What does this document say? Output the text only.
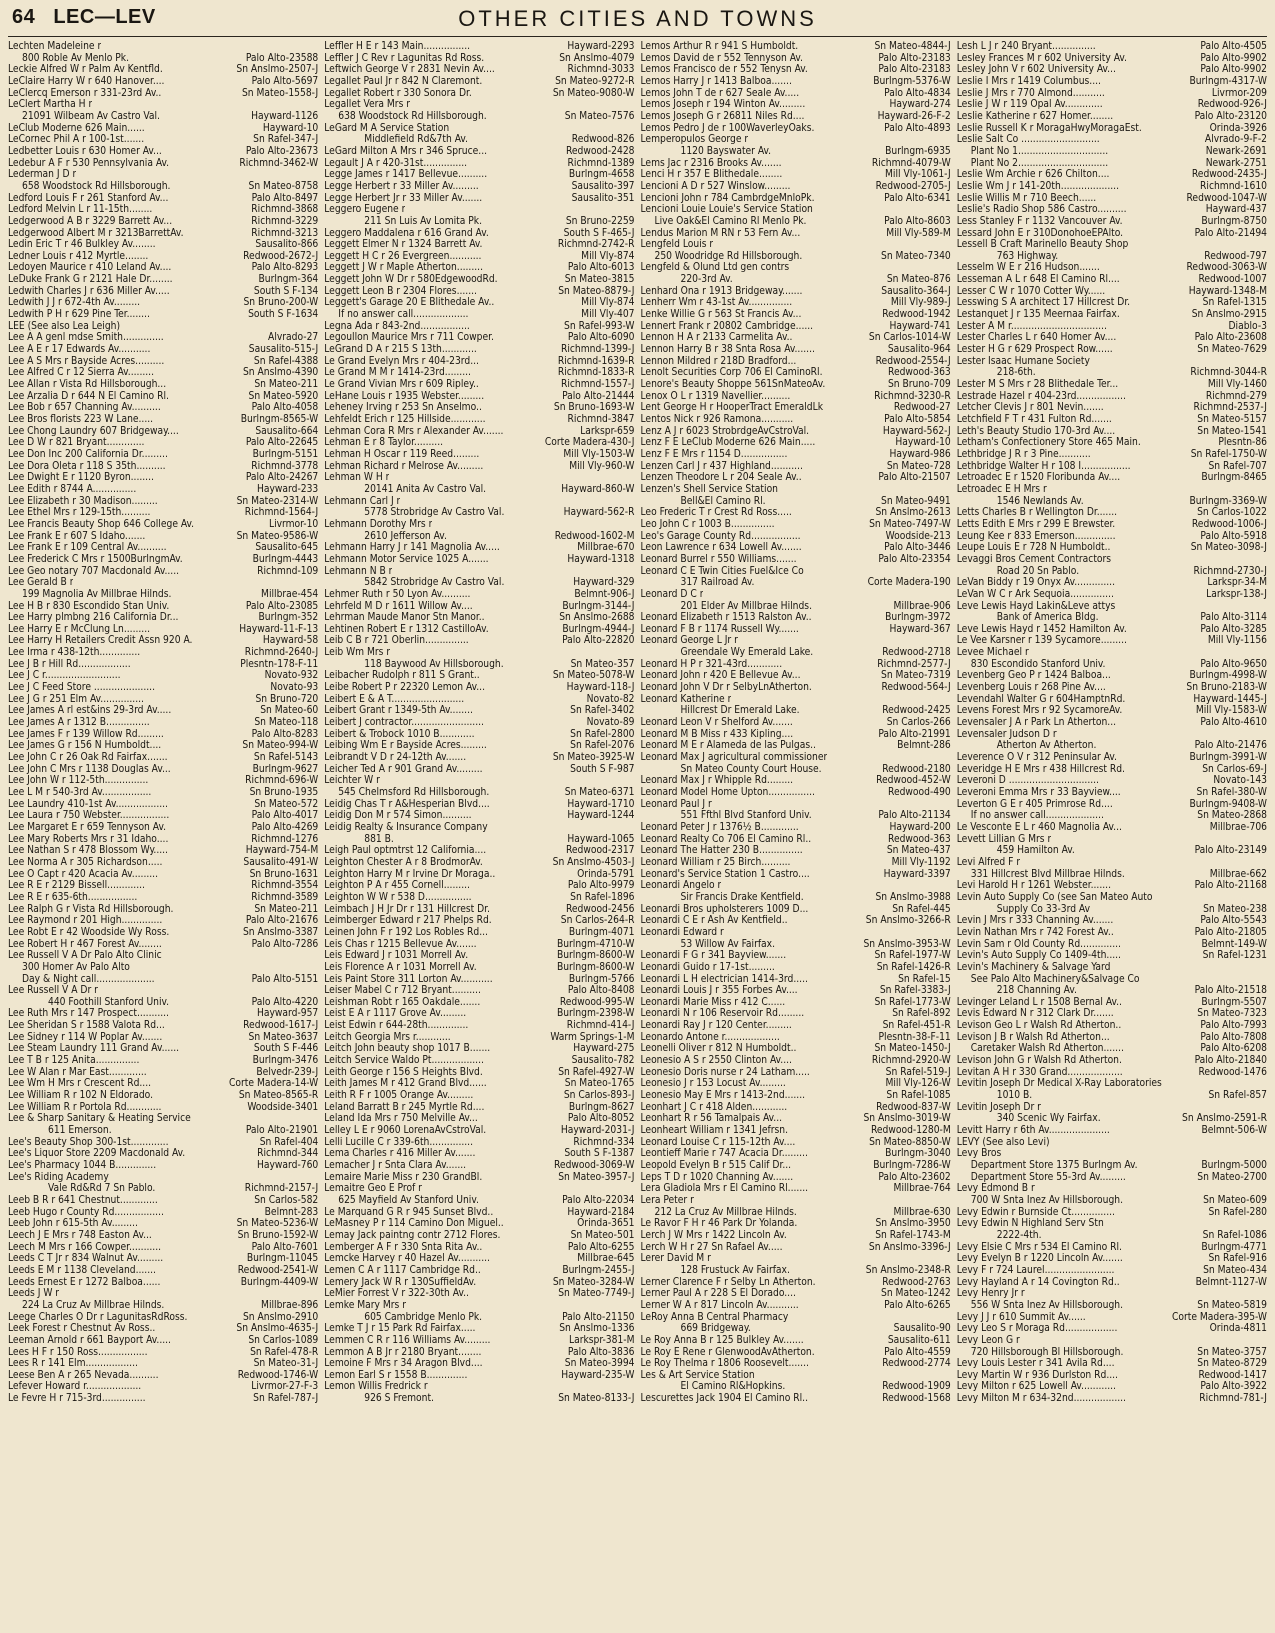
64 LEC—LEV	OTHER CITIES AND TOWNS
Lechten Madeleine r
800 Roble Av Menlo Pk.	Palo Alto-23588
Leckie Alfred W r Palm Av Kentfld.	Sn Anslmo-2507-J
LeClaire Harry W r 640 Hanover....	Palo Alto-5697
LeClercq Emerson r 331-23rd Av..	Sn Mateo-1558-J
LeClert Martha H r
21091 Wilbeam Av Castro Val.	Hayward-1126
LeClub Moderne 626 Main......	Hayward-10
LeCornec Phil A r 100-1st.......	Sn Rafel-347-J
Ledbetter Louis r 630 Homer Av...	Palo Alto-23673
Ledebur A F r 530 Pennsylvania Av.	Richmnd-3462-W
Lederman J D r
658 Woodstock Rd Hillsborough.	Sn Mateo-8758
Ledford Louis F r 261 Stanford Av...	Palo Alto-8497
Ledford Melvin L r 11-15th........	Richmnd-3868
Ledgerwood A B r 3229 Barrett Av...	Richmnd-3229
Ledgerwood Albert M r 3213BarrettAv.	Richmnd-3213
Ledin Eric T r 46 Bulkley Av........	Sausalito-866
Ledner Louis r 412 Myrtle........	Redwood-2672-J
Ledoyen Maurice r 410 Leland Av....	Palo Alto-8293
LeDuke Frank G r 2121 Hale Dr........	Burlngm-364
Ledwith Charles J r 636 Miller Av.....	South S F-134
Ledwith J J r 672-4th Av.........	Sn Bruno-200-W
Ledwith P H r 629 Pine Ter........	South S F-1634
LEE (See also Lea Leigh)
Lee A A genl mdse Smith..............	Alvrado-27
Lee A E r 17 Edwards Av...........	Sausalito-515-J
Lee A S Mrs r Bayside Acres..........	Sn Rafel-4388
Lee Alfred C r 12 Sierra Av.........	Sn Anslmo-4390
Lee Allan r Vista Rd Hillsborough...	Sn Mateo-211
Lee Arzalia D r 644 N El Camino Rl.	Sn Mateo-5920
Lee Bob r 657 Channing Av..........	Palo Alto-4058
Lee Bros florists 223 W Lane.....	Burlngm-8565-W
Lee Chong Laundry 607 Bridgeway....	Sausalito-664
Lee D W r 821 Bryant.............	Palo Alto-22645
Lee Don Inc 200 California Dr.........	Burlngm-5151
Lee Dora Oleta r 118 S 35th..........	Richmnd-3778
Lee Dwight E r 1120 Byron........	Palo Alto-24267
Lee Edith r 8744 A...............	Hayward-233
Lee Elizabeth r 30 Madison.........	Sn Mateo-2314-W
Lee Ethel Mrs r 129-15th..........	Richmnd-1564-J
Lee Francis Beauty Shop 646 College Av.	Livrmor-10
Lee Frank E r 607 S Idaho.......	Sn Mateo-9586-W
Lee Frank E r 109 Central Av..........	Sausalito-645
Lee Frederick C Mrs r 1500BurlngmAv.	Burlngm-4443
Lee Geo notary 707 Macdonald Av.....	Richmnd-109
Lee Gerald B r
199 Magnolia Av Millbrae Hilnds.	Millbrae-454
Lee H B r 830 Escondido Stan Univ.	Palo Alto-23085
Lee Harry plmbng 216 California Dr...	Burlngm-352
Lee Harry E r McClung Ln.........	Hayward-11-F-13
Lee Harry H Retailers Credit Assn 920 A.	Hayward-58
Lee Irma r 438-12th..............	Richmnd-2640-J
Lee J B r Hill Rd..................	Plesntn-178-F-11
Lee J C r..........................	Novato-932
Lee J C Feed Store .....................	Novato-93
Lee J G r 251 Elm Av...............	Sn Bruno-720
Lee James A rl est&ins 29-3rd Av.....	Sn Mateo-60
Lee James A r 1312 B...............	Sn Mateo-118
Lee James F r 139 Willow Rd.........	Palo Alto-8283
Lee James G r 156 N Humboldt....	Sn Mateo-994-W
Lee John C r 26 Oak Rd Fairfax.......	Sn Rafel-5143
Lee John C Mrs r 1138 Douglas Av...	Burlngm-9627
Lee John W r 112-5th...............	Richmnd-696-W
Lee L M r 540-3rd Av.................	Sn Bruno-1935
Lee Laundry 410-1st Av..................	Sn Mateo-572
Lee Laura r 750 Webster.................	Palo Alto-4017
Lee Margaret E r 659 Tennyson Av.	Palo Alto-4269
Lee Mary Roberts Mrs r 31 Idaho....	Richmnd-1276
Lee Nathan S r 478 Blossom Wy.....	Hayward-754-M
Lee Norma A r 305 Richardson.....	Sausalito-491-W
Lee O Capt r 420 Acacia Av.........	Sn Bruno-1631
Lee R E r 2129 Bissell.............	Richmnd-3554
Lee R E r 635-6th.................	Richmnd-3589
Lee Ralph G r Vista Rd Hillsborough.	Sn Mateo-211
Lee Raymond r 201 High..............	Palo Alto-21676
Lee Robt E r 42 Woodside Wy Ross.	Sn Anslmo-3387
Lee Robert H r 467 Forest Av........	Palo Alto-7286
Lee Russell V A Dr Palo Alto Clinic
300 Homer Av Palo Alto
Day & Night call....................	Palo Alto-5151
Lee Russell V A Dr r
440 Foothill Stanford Univ.	Palo Alto-4220
Lee Ruth Mrs r 147 Prospect...........	Hayward-957
Lee Sheridan S r 1588 Valota Rd...	Redwood-1617-J
Lee Sidney r 114 W Poplar Av.......	Sn Mateo-3637
Lee Steam Laundry 111 Grand Av......	South S F-446
Lee T B r 125 Anita...............	Burlngm-3476
Lee W Alan r Mar East.............	Belvedr-239-J
Lee Wm H Mrs r Crescent Rd....	Corte Madera-14-W
Lee William R r 102 N Eldorado.	Sn Mateo-8565-R
Lee William R r Portola Rd............	Woodside-3401
Lee & Sharp Sanitary & Heating Service
611 Emerson.	Palo Alto-21901
Lee's Beauty Shop 300-1st.............	Sn Rafel-404
Lee's Liquor Store 2209 Macdonald Av.	Richmnd-344
Lee's Pharmacy 1044 B..............	Hayward-760
Lee's Riding Academy
Vale Rd&Rd 7 Sn Pablo.	Richmnd-2157-J
Leeb B R r 641 Chestnut.............	Sn Carlos-582
Leeb Hugo r County Rd.................	Belmnt-283
Leeb John r 615-5th Av.........	Sn Mateo-5236-W
Leech J E Mrs r 748 Easton Av...	Sn Bruno-1592-W
Leech M Mrs r 166 Cowper...........	Palo Alto-7601
Leeds C T Jr r 834 Walnut Av.........	Burlngm-11045
Leeds E M r 1138 Cleveland.......	Redwood-2541-W
Leeds Ernest E r 1272 Balboa......	Burlngm-4409-W
Leeds J W r
224 La Cruz Av Millbrae Hilnds.	Millbrae-896
Leege Charles O Dr r LagunitasRdRoss.	Sn Anslmo-2910
Leek Forest r Chestnut Av Ross..	Sn Anslmo-4635-J
Leeman Arnold r 661 Bayport Av.....	Sn Carlos-1089
Lees H F r 150 Ross.................	Sn Rafel-478-R
Lees R r 141 Elm..................	Sn Mateo-31-J
Leese Ben A r 265 Nevada..........	Redwood-1746-W
Lefever Howard r...................	Livrmor-27-F-3
Le Fevre H r 715-3rd...............	Sn Rafel-787-J
Leffler H E r 143 Main................	Hayward-2293
Leffler J C Rev r Lagunitas Rd Ross.	Sn Anslmo-4079
Leftwich George V r 2831 Nevin Av....	Richmnd-3033
Legallet Paul Jr r 842 N Claremont.	Sn Mateo-9272-R
Legallet Robert r 330 Sonora Dr.	Sn Mateo-9080-W
Legallet Vera Mrs r
638 Woodstock Rd Hillsborough.	Sn Mateo-7576
LeGard M A Service Station
Middlefield Rd&7th Av.	Redwood-826
LeGard Milton A Mrs r 346 Spruce...	Redwood-2428
Legault J A r 420-31st...............	Richmnd-1389
Legge James r 1417 Bellevue..........	Burlngm-4658
Legge Herbert r 33 Miller Av.........	Sausalito-397
Legge Herbert Jr r 33 Miller Av.......	Sausalito-351
Leggero Eugene r
211 Sn Luis Av Lomita Pk.	Sn Bruno-2259
Leggero Maddalena r 616 Grand Av.	South S F-465-J
Leggett Elmer N r 1324 Barrett Av.	Richmnd-2742-R
Leggett H C r 26 Evergreen...........	Mill Vly-874
Leggett J W r Maple Atherton.........	Palo Alto-6013
Leggett John W Dr r 580EdgewoodRd.	Sn Mateo-3815
Leggett Leon B r 2304 Flores.......	Sn Mateo-8879-J
Leggett's Garage 20 E Blithedale Av..	Mill Vly-874
If no answer call...................	Mill Vly-407
Legna Ada r 843-2nd.................	Sn Rafel-993-W
Legoullon Maurice Mrs r 711 Cowper.	Palo Alto-6090
LeGrand D A r 215 S 13th............	Richmnd-1399-J
Le Grand Evelyn Mrs r 404-23rd...	Richmnd-1639-R
Le Grand M M r 1414-23rd.........	Richmnd-1833-R
Le Grand Vivian Mrs r 609 Ripley..	Richmnd-1557-J
LeHane Louis r 1935 Webster.........	Palo Alto-21444
Leheney Irving r 253 Sn Anselmo..	Sn Bruno-1693-W
Lehfeldt Erich r 125 Hillside............	Richmnd-3847
Lehman Cora R Mrs r Alexander Av.......	Larkspr-659
Lehman E r 8 Taylor..........	Corte Madera-430-J
Lehman H Oscar r 119 Reed.........	Mill Vly-1503-W
Lehman Richard r Melrose Av.........	Mill Vly-960-W
Lehman W H r
20141 Anita Av Castro Val.	Hayward-860-W
Lehmann Carl J r
5778 Strobridge Av Castro Val.	Hayward-562-R
Lehmann Dorothy Mrs r
2610 Jefferson Av.	Redwood-1602-M
Lehmann Harry J r 141 Magnolia Av.....	Millbrae-670
Lehmann Motor Service 1025 A.......	Hayward-1318
Lehmann N B r
5842 Strobridge Av Castro Val.	Hayward-329
Lehmer Ruth r 50 Lyon Av..........	Belmnt-906-J
Lehrfeld M D r 1611 Willow Av....	Burlngm-3144-J
Lehrman Maude Manor Stn Manor..	Sn Anslmo-2688
Lehtinen Robert E r 1312 CastilloAv.	Burlngm-4944-J
Leib C B r 721 Oberlin...............	Palo Alto-22820
Leib Wm Mrs r
118 Baywood Av Hillsborough.	Sn Mateo-357
Leibacher Rudolph r 811 S Grant..	Sn Mateo-5078-W
Leibe Robert P r 22320 Lemon Av...	Hayward-118-J
Leibert E & A T.........................	Novato-82
Leibert Grant r 1349-5th Av........	Sn Rafel-3402
Leibert J contractor.........................	Novato-89
Leibert & Trobock 1010 B............	Sn Rafel-2800
Leibing Wm E r Bayside Acres.........	Sn Rafel-2076
Leibrandt V D r 24-12th Av.......	Sn Mateo-3925-W
Leicher Ted A r 901 Grand Av.........	South S F-987
Leichter W r
545 Chelmsford Rd Hillsborough.	Sn Mateo-6371
Leidig Chas T r A&Hesperian Blvd....	Hayward-1710
Leidig Don M r 574 Simon..........	Hayward-1244
Leidig Realty & Insurance Company
881 B.	Hayward-1065
Leigh Paul optmtrst 12 California....	Redwood-2317
Leighton Chester A r 8 BrodmorAv.	Sn Anslmo-4503-J
Leighton Harry M r Irvine Dr Moraga..	Orinda-5791
Leighton P A r 455 Cornell.........	Palo Alto-9979
Leighton W W r 538 D................	Sn Rafel-1896
Leimbach J H Jr Dr r 131 Hillcrest Dr.	Redwood-2456
Leimberger Edward r 217 Phelps Rd.	Sn Carlos-264-R
Leinen John F r 192 Los Robles Rd...	Burlngm-4071
Leis Chas r 1215 Bellevue Av.......	Burlngm-4710-W
Leis Edward J r 1031 Morrell Av.	Burlngm-8600-W
Leis Florence A r 1031 Morrell Av.	Burlngm-8600-W
Leis Paint Store 311 Lorton Av...........	Burlngm-5766
Leiser Mabel C r 712 Bryant..........	Palo Alto-8408
Leishman Robt r 165 Oakdale.......	Redwood-995-W
Leist E A r 1117 Grove Av.........	Burlngm-2398-W
Leist Edwin r 644-28th..............	Richmnd-414-J
Leitch Georgia Mrs r............	Warm Springs-1-M
Leitch John beauty shop 1017 B.......	Hayward-275
Leitch Service Waldo Pt..................	Sausalito-782
Leith George r 156 S Heights Blvd.	Sn Rafel-4927-W
Leith James M r 412 Grand Blvd......	Sn Mateo-1765
Leith R F r 1005 Orange Av.........	Sn Carlos-893-J
Leland Barratt B r 245 Myrtle Rd....	Burlngm-8627
Leland Ida Mrs r 750 Melville Av...	Palo Alto-8052
Lelley L E r 9060 LorenaAvCstroVal.	Hayward-2031-J
Lelli Lucille C r 339-6th...............	Richmnd-334
Lema Charles r 416 Miller Av.......	South S F-1387
Lemacher J r Snta Clara Av.......	Redwood-3069-W
Lemaire Marie Miss r 230 GrandBl.	Sn Mateo-3957-J
Lemaitre Geo E Prof r
625 Mayfield Av Stanford Univ.	Palo Alto-22034
Le Marquand G R r 945 Sunset Blvd..	Hayward-2184
LeMasney P r 114 Camino Don Miguel..	Orinda-3651
Lemay Jack paintng contr 2712 Flores.	Sn Mateo-501
Lemberger A F r 330 Snta Rita Av..	Palo Alto-6255
Lemcke Harvey r 40 Hazel Av...........	Millbrae-645
Lemen C A r 1117 Cambridge Rd..	Burlngm-2455-J
Lemery Jack W R r 130SuffieldAv.	Sn Mateo-3284-W
LeMier Forrest V r 322-30th Av..	Sn Mateo-7749-J
Lemke Mary Mrs r
605 Cambridge Menlo Pk.	Palo Alto-21150
Lemke T J r 15 Park Rd Fairfax.....	Sn Anslmo-1336
Lemmen C R r 116 Williams Av.........	Larkspr-381-M
Lemmon A B Jr r 2180 Bryant........	Palo Alto-3836
Lemoine F Mrs r 34 Aragon Blvd....	Sn Mateo-3994
Lemon Earl S r 1558 B..............	Hayward-235-W
Lemon Willis Fredrick r
926 S Fremont.	Sn Mateo-8133-J
Lemos Arthur R r 941 S Humboldt.	Sn Mateo-4844-J
Lemos David de r 552 Tennyson Av.	Palo Alto-23183
Lemos Francisco de r 552 Tenysn Av.	Palo Alto-23183
Lemos Harry J r 1413 Balboa.......	Burlngm-5376-W
Lemos John T de r 627 Seale Av.....	Palo Alto-4834
Lemos Joseph r 194 Winton Av.........	Hayward-274
Lemos Joseph G r 26811 Niles Rd....	Hayward-26-F-2
Lemos Pedro J de r 100WaverleyOaks.	Palo Alto-4893
Lemperopulos George r
1120 Bayswater Av.	Burlngm-6935
Lems Jac r 2316 Brooks Av.......	Richmnd-4079-W
Lenci H r 357 E Blithedale........	Mill Vly-1061-J
Lencioni A D r 527 Winslow.........	Redwood-2705-J
Lencioni John r 784 CambrdgeMnloPk.	Palo Alto-6341
Lencioni Louie Louie's Service Station
Live Oak&El Camino Rl Menlo Pk.	Palo Alto-8603
Lendus Marion M RN r 53 Fern Av...	Mill Vly-589-M
Lengfeld Louis r
250 Woodridge Rd Hillsborough.	Sn Mateo-7340
Lengfeld & Olund Ltd gen contrs
220-3rd Av.	Sn Mateo-876
Lenhard Ona r 1913 Bridgeway.......	Sausalito-364-J
Lenherr Wm r 43-1st Av...............	Mill Vly-989-J
Lenke Willie G r 563 St Francis Av...	Redwood-1942
Lennert Frank r 20802 Cambridge......	Hayward-741
Lennon H A r 2133 Carmelita Av..	Sn Carlos-1014-W
Lennon Harry B r 38 Snta Rosa Av.......	Sausalito-964
Lennon Mildred r 218D Bradford...	Redwood-2554-J
Lenolt Securities Corp 706 El CaminoRl.	Redwood-363
Lenore's Beauty Shoppe 561SnMateoAv.	Sn Bruno-709
Lenox O L r 1319 Navellier..........	Richmnd-3230-R
Lent George H r HooperTract EmeraldLk	Redwood-27
Lentos Nick r 926 Ramona...........	Palo Alto-5854
Lenz A J r 6023 StrobrdgeAvCstroVal.	Hayward-562-J
Lenz F E LeClub Moderne 626 Main.....	Hayward-10
Lenz F E Mrs r 1154 D................	Hayward-986
Lenzen Carl J r 437 Highland...........	Sn Mateo-728
Lenzen Theodore L r 204 Seale Av..	Palo Alto-21507
Lenzen's Shell Service Station
Bell&El Camino Rl.	Sn Mateo-9491
Leo Frederic T r Crest Rd Ross.....	Sn Anslmo-2613
Leo John C r 1003 B...............	Sn Mateo-7497-W
Leo's Garage County Rd.................	Woodside-213
Leon Lawrence r 634 Lowell Av.......	Palo Alto-3446
Leonard Burrel r 550 Williams.......	Palo Alto-23354
Leonard C E Twin Cities Fuel&Ice Co
317 Railroad Av.	Corte Madera-190
Leonard D C r
201 Elder Av Millbrae Hilnds.	Millbrae-906
Leonard Elizabeth r 1513 Ralston Av..	Burlngm-3972
Leonard F B r 1174 Russell Wy.......	Hayward-367
Leonard George L Jr r
Greendale Wy Emerald Lake.	Redwood-2718
Leonard H P r 321-43rd............	Richmnd-2577-J
Leonard John r 420 E Bellevue Av...	Sn Mateo-7319
Leonard John V Dr r SelbyLnAtherton.	Redwood-564-J
Leonard Katherine r
Hillcrest Dr Emerald Lake.	Redwood-2425
Leonard Leon V r Shelford Av.......	Sn Carlos-266
Leonard M B Miss r 433 Kipling....	Palo Alto-21991
Leonard M E r Alameda de las Pulgas..	Belmnt-286
Leonard Max J agricultural commissioner
Sn Mateo County Court House.	Redwood-2180
Leonard Max J r Whipple Rd.........	Redwood-452-W
Leonard Model Home Upton................	Redwood-490
Leonard Paul J r
551 Ffthl Blvd Stanford Univ.	Palo Alto-21134
Leonard Peter J r 1376½ B.............	Hayward-200
Leonard Realty Co 706 El Camino Rl..	Redwood-363
Leonard The Hatter 230 B...............	Sn Mateo-437
Leonard William r 25 Birch..........	Mill Vly-1192
Leonard's Service Station 1 Castro....	Hayward-3397
Leonardi Angelo r
Sir Francis Drake Kentfield.	Sn Anslmo-3988
Leonardi Bros upholsterers 1009 D...	Sn Rafel-445
Leonardi C E r Ash Av Kentfield..	Sn Anslmo-3266-R
Leonardi Edward r
53 Willow Av Fairfax.	Sn Anslmo-3953-W
Leonardi F G r 341 Bayview.......	Sn Rafel-1977-W
Leonardi Guido r 17-1st.........	Sn Rafel-1426-R
Leonardi L H electrician 1414-3rd.....	Sn Rafel-15
Leonardi Louis J r 355 Forbes Av....	Sn Rafel-3383-J
Leonardi Marie Miss r 412 C......	Sn Rafel-1773-W
Leonardi N r 106 Reservoir Rd.........	Sn Rafel-892
Leonardi Ray J r 120 Center.........	Sn Rafel-451-R
Leonardo Antone r...................	Plesntn-38-F-11
Leonelli Oliver r 812 N Humboldt..	Sn Mateo-1450-J
Leonesio A S r 2550 Clinton Av....	Richmnd-2920-W
Leonesio Doris nurse r 24 Latham.....	Sn Rafel-519-J
Leonesio J r 153 Locust Av.........	Mill Vly-126-W
Leonesio May E Mrs r 1413-2nd.......	Sn Rafel-1085
Leonhart J C r 418 Alden............	Redwood-837-W
Leonhart R r 56 Tamalpais Av...	Sn Anslmo-3019-W
Leonheart William r 1341 Jefrsn.	Redwood-1280-M
Leonard Louise C r 115-12th Av....	Sn Mateo-8850-W
Leontieff Marie r 747 Acacia Dr.........	Burlngm-3040
Leopold Evelyn B r 515 Calif Dr...	Burlngm-7286-W
Leps T D r 1020 Channing Av.......	Palo Alto-23602
Lera Gladiola Mrs r El Camino Rl.......	Millbrae-764
Lera Peter r
212 La Cruz Av Millbrae Hilnds.	Millbrae-630
Le Ravor F H r 46 Park Dr Yolanda.	Sn Anslmo-3950
Lerch J W Mrs r 1422 Lincoln Av.	Sn Rafel-1743-M
Lerch W H r 27 Sn Rafael Av.....	Sn Anslmo-3396-J
Lerer David M r
128 Frustuck Av Fairfax.	Sn Anslmo-2348-R
Lerner Clarence F r Selby Ln Atherton.	Redwood-2763
Lerner Paul A r 228 S El Dorado....	Sn Mateo-1242
Lerner W A r 817 Lincoln Av...........	Palo Alto-6265
LeRoy Anna B Central Pharmacy
669 Bridgeway.	Sausalito-90
Le Roy Anna B r 125 Bulkley Av.......	Sausalito-611
Le Roy E Rene r GlenwoodAvAtherton.	Palo Alto-4559
Le Roy Thelma r 1806 Roosevelt.......	Redwood-2774
Les & Art Service Station
El Camino Rl&Hopkins.	Redwood-1909
Lescurettes Jack 1904 El Camino Rl..	Redwood-1568
Lesh L J r 240 Bryant...............	Palo Alto-4505
Lesley Frances M r 602 University Av.	Palo Alto-9902
Lesley John V r 602 University Av...	Palo Alto-9902
Leslie I Mrs r 1419 Columbus....	Burlngm-4317-W
Leslie J Mrs r 770 Almond...........	Livrmor-209
Leslie J W r 119 Opal Av.............	Redwood-926-J
Leslie Katherine r 627 Homer........	Palo Alto-23120
Leslie Russell K r MoragaHwyMoragaEst.	Orinda-3926
Leslie Salt Co ...........................	Alvrado-9-F-2
Plant No 1...............................	Newark-2691
Plant No 2...............................	Newark-2751
Leslie Wm Archie r 626 Chilton....	Redwood-2435-J
Leslie Wm J r 141-20th....................	Richmnd-1610
Leslie Willis M r 710 Beech......	Redwood-1047-W
Leslie's Radio Shop 586 Castro..........	Hayward-437
Less Stanley F r 1132 Vancouver Av.	Burlngm-8750
Lessard John E r 310DonohoeEPAlto.	Palo Alto-21494
Lessell B Craft Marinello Beauty Shop
763 Highway.	Redwood-797
Lesselm W E r 216 Hudson.......	Redwood-3063-W
Lesseman A L r 648 El Camino Rl....	Redwood-1007
Lesser C W r 1070 Cotter Wy......	Hayward-1348-M
Lesswing S A architect 17 Hillcrest Dr.	Sn Rafel-1315
Lestanquet J r 135 Meernaa Fairfax.	Sn Anslmo-2915
Lester A M r.................................	Diablo-3
Lester Charles L r 640 Homer Av....	Palo Alto-23608
Lester H G r 629 Prospect Row......	Sn Mateo-7629
Lester Isaac Humane Society
218-6th.	Richmnd-3044-R
Lester M S Mrs r 28 Blithedale Ter...	Mill Vly-1460
Lestrade Hazel r 404-23rd.................	Richmnd-279
Letcher Clevis J r 801 Nevin.......	Richmnd-2537-J
Letchfield F T r 431 Fulton Rd.......	Sn Mateo-5157
Leth's Beauty Studio 170-3rd Av....	Sn Mateo-1541
Letham's Confectionery Store 465 Main.	Plesntn-86
Lethbridge J R r 3 Pine...........	Sn Rafel-1750-W
Lethbridge Walter H r 108 I.................	Sn Rafel-707
Letroadec E r 1520 Floribunda Av....	Burlngm-8465
Letroadec E H Mrs r
1546 Newlands Av.	Burlngm-3369-W
Letts Charles B r Wellington Dr.......	Sn Carlos-1022
Letts Edith E Mrs r 299 E Brewster.	Redwood-1006-J
Leung Kee r 833 Emerson..............	Palo Alto-5918
Leupe Louis E r 728 N Humboldt..	Sn Mateo-3098-J
Levaggi Bros Cement Contractors
Road 20 Sn Pablo.	Richmnd-2730-J
LeVan Biddy r 19 Onyx Av..............	Larkspr-34-M
LeVan W C r Ark Sequoia...............	Larkspr-138-J
Leve Lewis Hayd Lakin&Leve attys
Bank of America Bldg.	Palo Alto-3114
Leve Lewis Hayd r 1452 Hamilton Av.	Palo Alto-3285
Le Vee Karsner r 139 Sycamore.........	Mill Vly-1156
Levee Michael r
830 Escondido Stanford Univ.	Palo Alto-9650
Levenberg Geo P r 1424 Balboa...	Burlngm-4998-W
Levenberg Louis r 268 Pine Av....	Sn Bruno-2183-W
Levendahl Walter G r 604HamptnRd.	Hayward-1445-J
Levens Forest Mrs r 92 SycamoreAv.	Mill Vly-1583-W
Levensaler J A r Park Ln Atherton...	Palo Alto-4610
Levensaler Judson D r
Atherton Av Atherton.	Palo Alto-21476
Leverence O V r 312 Peninsular Av.	Burlngm-3991-W
Leveridge H E Mrs r 438 Hillcrest Rd.	Sn Carlos-69-J
Leveroni D ...............................	Novato-143
Leveroni Emma Mrs r 33 Bayview....	Sn Rafel-380-W
Leverton G E r 405 Primrose Rd....	Burlngm-9408-W
If no answer call....................	Sn Mateo-2868
Le Vesconte E L r 460 Magnolia Av...	Millbrae-706
Levett Lillian G Mrs r
459 Hamilton Av.	Palo Alto-23149
Levi Alfred F r
331 Hillcrest Blvd Millbrae Hilnds.	Millbrae-662
Levi Harold H r 1261 Webster.......	Palo Alto-21168
Levin Auto Supply Co (see San Mateo Auto
Supply Co 33-3rd Av	Sn Mateo-238
Levin J Mrs r 333 Channing Av.......	Palo Alto-5543
Levin Nathan Mrs r 742 Forest Av..	Palo Alto-21805
Levin Sam r Old County Rd..............	Belmnt-149-W
Levin's Auto Supply Co 1409-4th.....	Sn Rafel-1231
Levin's Machinery & Salvage Yard
See Palo Alto Machinery&Salvage Co
218 Channing Av.	Palo Alto-21518
Levinger Leland L r 1508 Bernal Av..	Burlngm-5507
Levis Edward N r 312 Clark Dr.......	Sn Mateo-7323
Levison Geo L r Walsh Rd Atherton..	Palo Alto-7993
Levison J B r Walsh Rd Atherton...	Palo Alto-7808
Caretaker Walsh Rd Atherton.......	Palo Alto-6208
Levison John G r Walsh Rd Atherton.	Palo Alto-21840
Levitan A H r 330 Grand...................	Redwood-1476
Levitin Joseph Dr Medical X-Ray Laboratories
1010 B.	Sn Rafel-857
Levitin Joseph Dr r
340 Scenic Wy Fairfax.	Sn Anslmo-2591-R
Levitt Harry r 6th Av.....................	Belmnt-506-W
LEVY (See also Levi)
Levy Bros
Department Store 1375 Burlngm Av.	Burlngm-5000
Department Store 55-3rd Av.........	Sn Mateo-2700
Levy Edmond B r
700 W Snta Inez Av Hillsborough.	Sn Mateo-609
Levy Edwin r Burnside Ct...............	Sn Rafel-280
Levy Edwin N Highland Serv Stn
2222-4th.	Sn Rafel-1086
Levy Elsie C Mrs r 534 El Camino Rl.	Burlngm-4771
Levy Evelyn B r 1220 Lincoln Av.......	Sn Rafel-916
Levy F r 724 Laurel........................	Sn Mateo-434
Levy Hayland A r 14 Covington Rd..	Belmnt-1127-W
Levy Henry Jr r
556 W Snta Inez Av Hillsborough.	Sn Mateo-5819
Levy J J r 610 Summit Av......	Corte Madera-395-W
Levy Leo S r Moraga Rd..................	Orinda-4811
Levy Leon G r
720 Hillsborough Bl Hillsborough.	Sn Mateo-3757
Levy Louis Lester r 341 Avila Rd....	Sn Mateo-8729
Levy Martin W r 936 Durlston Rd....	Redwood-1417
Levy Milton r 625 Lowell Av............	Palo Alto-3922
Levy Milton M r 634-32nd..................	Richmnd-781-J
